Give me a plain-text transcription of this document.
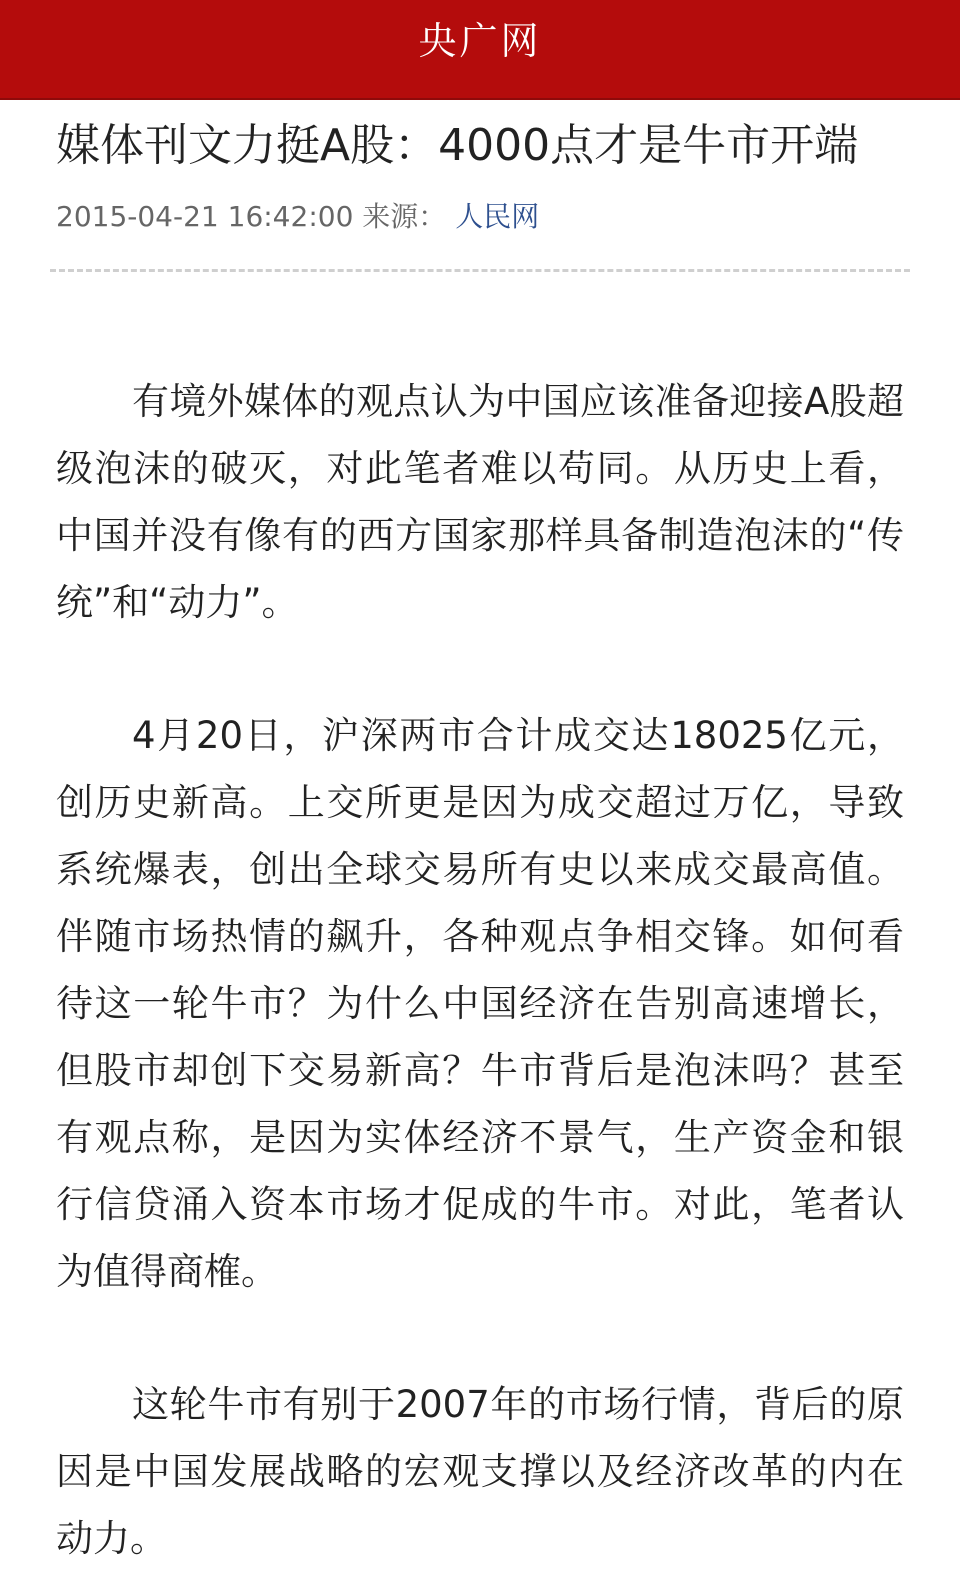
央广网
媒体刊文力挺A股：4000点才是牛市开端
2015-04-21 16:42:00 来源： 人民网

有境外媒体的观点认为中国应该准备迎接A股超级泡沫的破灭，对此笔者难以苟同。从历史上看，中国并没有像有的西方国家那样具备制造泡沫的“传统”和“动力”。

4月20日，沪深两市合计成交达18025亿元，创历史新高。上交所更是因为成交超过万亿，导致系统爆表，创出全球交易所有史以来成交最高值。伴随市场热情的飙升，各种观点争相交锋。如何看待这一轮牛市？为什么中国经济在告别高速增长，但股市却创下交易新高？牛市背后是泡沫吗？甚至有观点称，是因为实体经济不景气，生产资金和银行信贷涌入资本市场才促成的牛市。对此，笔者认为值得商榷。

这轮牛市有别于2007年的市场行情，背后的原因是中国发展战略的宏观支撑以及经济改革的内在动力。
